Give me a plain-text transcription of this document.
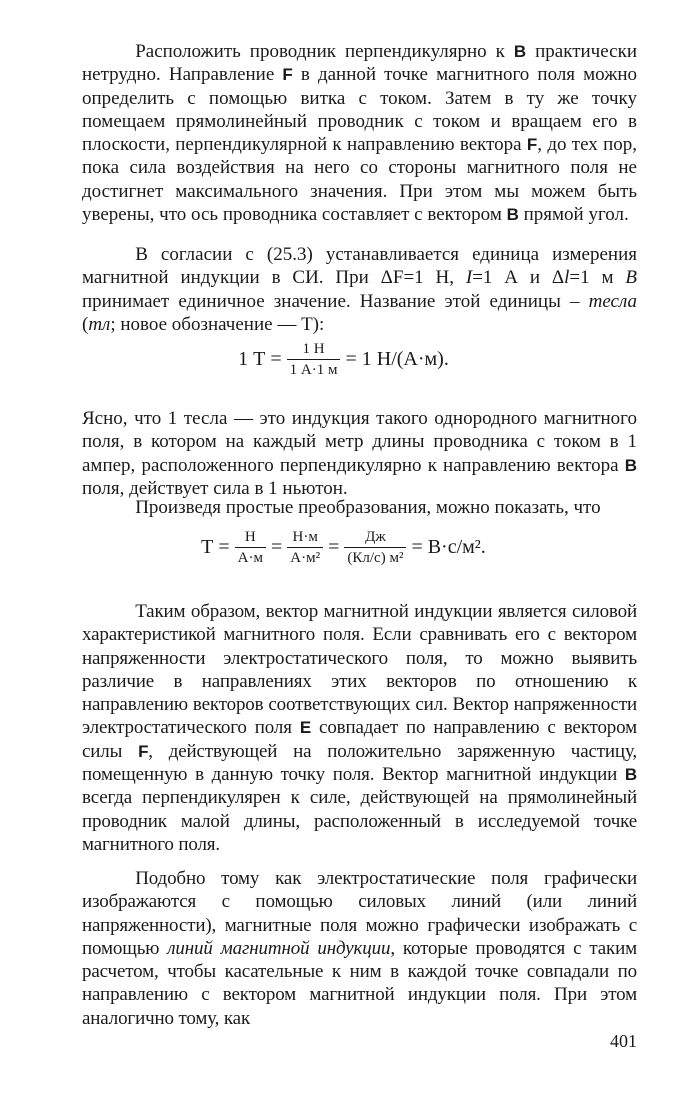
Расположить проводник перпендикулярно к B практически нетрудно. Направление F в данной точке магнитного поля можно определить с помощью витка с током. Затем в ту же точку помещаем прямолинейный проводник с током и вращаем его в плоскости, перпендикулярной к направлению вектора F, до тех пор, пока сила воздействия на него со стороны магнитного поля не достигнет максимального значения. При этом мы можем быть уверены, что ось проводника составляет с вектором B прямой угол.

В согласии с (25.3) устанавливается единица измерения магнитной индукции в СИ. При ΔF=1 Н, I=1 А и Δl=1 м B принимает единичное значение. Название этой единицы – тесла (тл; новое обозначение — Т):

1 $Т = \frac{1 Н}{1 А\cdot 1 м} = 1$ Н/(А·м).

Ясно, что 1 тесла — это индукция такого однородного магнитного поля, в котором на каждый метр длины проводника с током в 1 ампер, расположенного перпендикулярно к направлению вектора B поля, действует сила в 1 ньютон.

Произведя простые преобразования, можно показать, что

$Т = \frac{Н}{А\cdot м} = \frac{Н\cdot м}{\text{А·м²}} = \frac{Дж}{\text{(Кл/с) м²}} = В\cdot с/м^2$.

Таким образом, вектор магнитной индукции является силовой характеристикой магнитного поля. Если сравнивать его с вектором напряженности электростатического поля, то можно выявить различие в направлениях этих векторов по отношению к направлению векторов соответствующих сил. Вектор напряженности электростатического поля E совпадает по направлению с вектором силы F, действующей на положительно заряженную частицу, помещенную в данную точку поля. Вектор магнитной индукции B всегда перпендикулярен к силе, действующей на прямолинейный проводник малой длины, расположенный в исследуемой точке магнитного поля.

Подобно тому как электростатические поля графически изображаются с помощью силовых линий (или линий напряженности), магнитные поля можно графически изображать с помощью линий магнитной индукции, которые проводятся с таким расчетом, чтобы касательные к ним в каждой точке совпадали по направлению с вектором магнитной индукции поля. При этом аналогично тому, как

401
